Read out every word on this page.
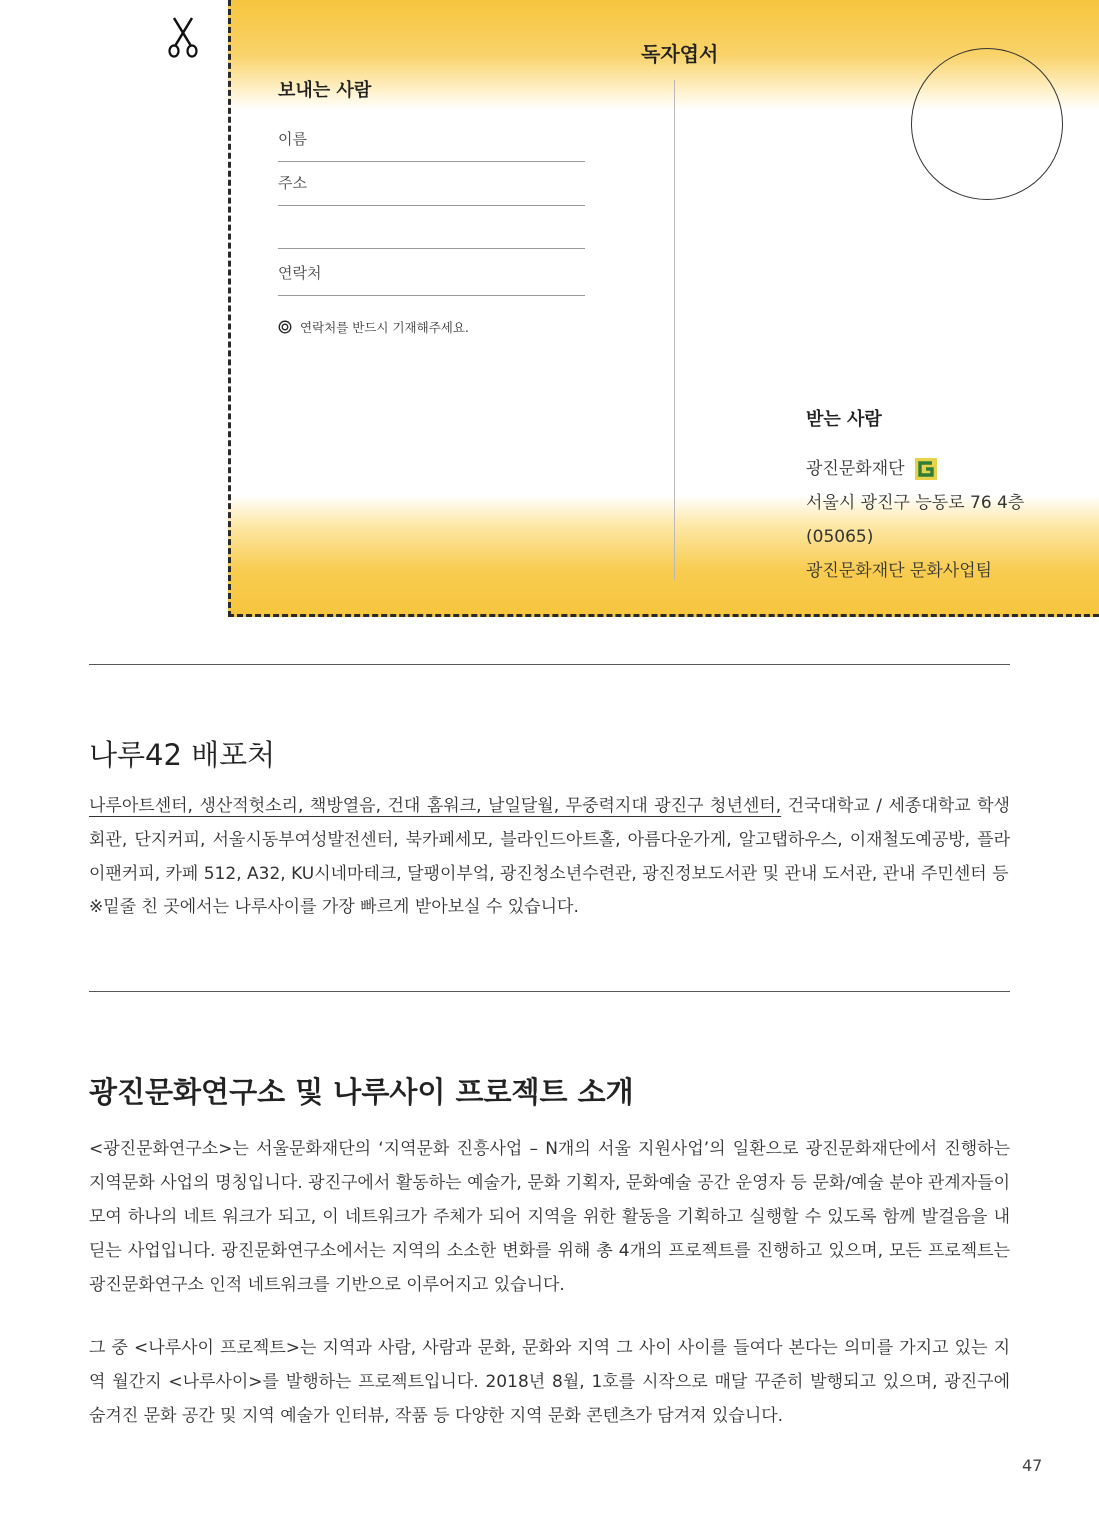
독자엽서
보내는 사람
이름
주소
연락처
연락처를 반드시 기재해주세요.
받는 사람
광진문화재단
서울시 광진구 능동로 76 4층
(05065)
광진문화재단 문화사업팀
나루42 배포처
나루아트센터, 생산적헛소리, 책방열음, 건대 홈워크, 날일달월, 무중력지대 광진구 청년센터, 건국대학교 / 세종대학교 학생회관, 단지커피, 서울시동부여성발전센터, 북카페세모, 블라인드아트홀, 아름다운가게, 알고탭하우스, 이재철도예공방, 플라이팬커피, 카페 512, A32, KU시네마테크, 달팽이부엌, 광진청소년수련관, 광진정보도서관 및 관내 도서관, 관내 주민센터 등
※밑줄 친 곳에서는 나루사이를 가장 빠르게 받아보실 수 있습니다.
광진문화연구소 및 나루사이 프로젝트 소개
<광진문화연구소>는 서울문화재단의 ‘지역문화 진흥사업 – N개의 서울 지원사업’의 일환으로 광진문화재단에서 진행하는 지역문화 사업의 명칭입니다. 광진구에서 활동하는 예술가, 문화 기획자, 문화예술 공간 운영자 등 문화/예술 분야 관계자들이 모여 하나의 네트 워크가 되고, 이 네트워크가 주체가 되어 지역을 위한 활동을 기획하고 실행할 수 있도록 함께 발걸음을 내딛는 사업입니다. 광진문화연구소에서는 지역의 소소한 변화를 위해 총 4개의 프로젝트를 진행하고 있으며, 모든 프로젝트는 광진문화연구소 인적 네트워크를 기반으로 이루어지고 있습니다.
그 중 <나루사이 프로젝트>는 지역과 사람, 사람과 문화, 문화와 지역 그 사이 사이를 들여다 본다는 의미를 가지고 있는 지역 월간지 <나루사이>를 발행하는 프로젝트입니다. 2018년 8월, 1호를 시작으로 매달 꾸준히 발행되고 있으며, 광진구에 숨겨진 문화 공간 및 지역 예술가 인터뷰, 작품 등 다양한 지역 문화 콘텐츠가 담겨져 있습니다.
47
